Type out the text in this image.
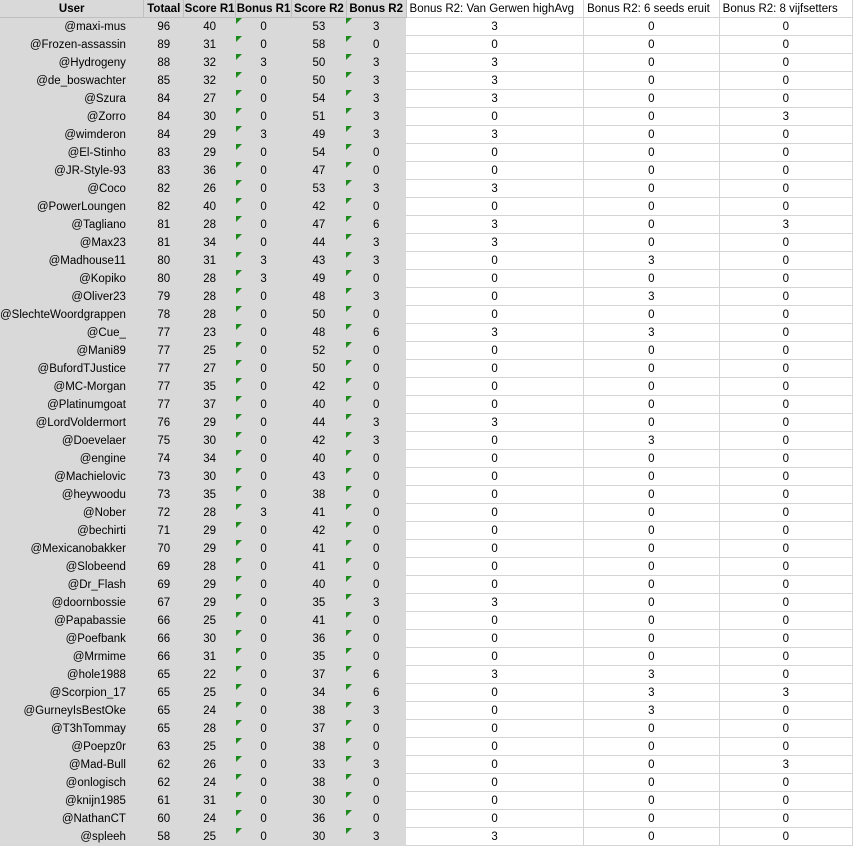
User	Totaal	Score R1	Bonus R1	Score R2	Bonus R2	Bonus R2: Van Gerwen highAvg	Bonus R2: 6 seeds eruit	Bonus R2: 8 vijfsetters
@maxi-mus	96	40	0	53	3	3	0	0
@Frozen-assassin	89	31	0	58	0	0	0	0
@Hydrogeny	88	32	3	50	3	3	0	0
@de_boswachter	85	32	0	50	3	3	0	0
@Szura	84	27	0	54	3	3	0	0
@Zorro	84	30	0	51	3	0	0	3
@wimderon	84	29	3	49	3	3	0	0
@El-Stinho	83	29	0	54	0	0	0	0
@JR-Style-93	83	36	0	47	0	0	0	0
@Coco	82	26	0	53	3	3	0	0
@PowerLoungen	82	40	0	42	0	0	0	0
@Tagliano	81	28	0	47	6	3	0	3
@Max23	81	34	0	44	3	3	0	0
@Madhouse11	80	31	3	43	3	0	3	0
@Kopiko	80	28	3	49	0	0	0	0
@Oliver23	79	28	0	48	3	0	3	0
@SlechteWoordgrappen	78	28	0	50	0	0	0	0
@Cue_	77	23	0	48	6	3	3	0
@Mani89	77	25	0	52	0	0	0	0
@BufordTJustice	77	27	0	50	0	0	0	0
@MC-Morgan	77	35	0	42	0	0	0	0
@Platinumgoat	77	37	0	40	0	0	0	0
@LordVoldermort	76	29	0	44	3	3	0	0
@Doevelaer	75	30	0	42	3	0	3	0
@engine	74	34	0	40	0	0	0	0
@Machielovic	73	30	0	43	0	0	0	0
@heywoodu	73	35	0	38	0	0	0	0
@Nober	72	28	3	41	0	0	0	0
@bechirti	71	29	0	42	0	0	0	0
@Mexicanobakker	70	29	0	41	0	0	0	0
@Slobeend	69	28	0	41	0	0	0	0
@Dr_Flash	69	29	0	40	0	0	0	0
@doornbossie	67	29	0	35	3	3	0	0
@Papabassie	66	25	0	41	0	0	0	0
@Poefbank	66	30	0	36	0	0	0	0
@Mrmime	66	31	0	35	0	0	0	0
@hole1988	65	22	0	37	6	3	3	0
@Scorpion_17	65	25	0	34	6	0	3	3
@GurneyIsBestOke	65	24	0	38	3	0	3	0
@T3hTommay	65	28	0	37	0	0	0	0
@Poepz0r	63	25	0	38	0	0	0	0
@Mad-Bull	62	26	0	33	3	0	0	3
@onlogisch	62	24	0	38	0	0	0	0
@knijn1985	61	31	0	30	0	0	0	0
@NathanCT	60	24	0	36	0	0	0	0
@spleeh	58	25	0	30	3	3	0	0
